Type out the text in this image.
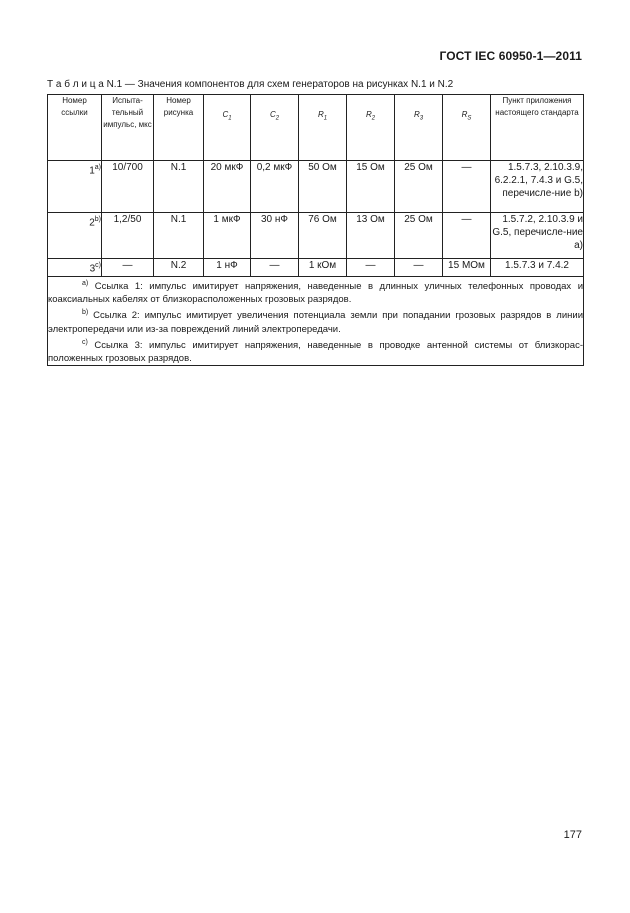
ГОСТ IEC 60950-1—2011
Т а б л и ц а N.1 — Значения компонентов для схем генераторов на рисунках N.1 и N.2
Номер ссылки	Испыта-тельный импульс, мкс	Номер рисунка	$C_1$	$C_2$	$R_1$	$R_2$	$R_3$	$R_S$	Пункт приложения настоящего стандарта
1$^{a)}$	10/700	N.1	20 мкФ	0,2 мкФ	50 Ом	15 Ом	25 Ом	—	1.5.7.3, 2.10.3.9, 6.2.2.1, 7.4.3 и G.5, перечисле-ние b)
2$^{b)}$	1,2/50	N.1	1 мкФ	30 нФ	76 Ом	13 Ом	25 Ом	—	1.5.7.2, 2.10.3.9 и G.5, перечисле-ние a)
3$^{c)}$	—	N.2	1 нФ	—	1 кОм	—	—	15 МОм	1.5.7.3 и 7.4.2

$^{a)}$ Ссылка 1: импульс имитирует напряжения, наведенные в длинных уличных телефонных проводах и коаксиальных кабелях от близкорасположенных грозовых разрядов.

$^{b)}$ Ссылка 2: импульс имитирует увеличения потенциала земли при попадании грозовых разрядов в линии электропередачи или из-за повреждений линий электропередачи.

$^{c)}$ Ссылка 3: импульс имитирует напряжения, наведенные в проводке антенной системы от близкорас-положенных грозовых разрядов.									

177
